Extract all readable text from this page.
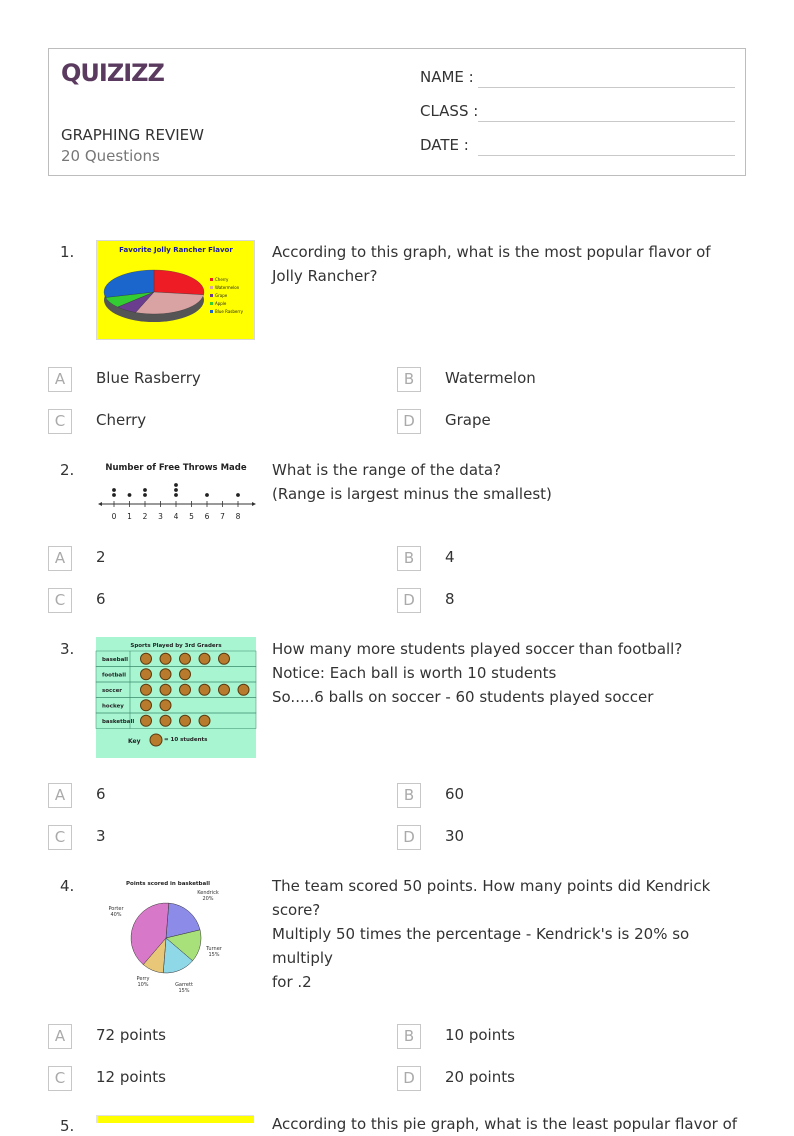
QUIZIZZ
GRAPHING REVIEW
20 Questions
NAME :
CLASS :
DATE :
1.	Favorite Jolly Rancher Flavor
Cherry
Watermelon
Grape
Apple
Blue Rasberry
According to this graph, what is the most popular flavor of Jolly Rancher?
A	Blue Rasberry	B	Watermelon
C	Cherry	D	Grape
2.	Number of Free Throws Made
0 1 2 3 4 5 6 7 8
What is the range of the data?
(Range is largest minus the smallest)
A	2	B	4
C	6	D	8
3.	Sports Played by 3rd Graders
baseball
football
soccer
hockey
basketball
Key	= 10 students
How many more students played soccer than football?
Notice: Each ball is worth 10 students
So.....6 balls on soccer - 60 students played soccer
A	6	B	60
C	3	D	30
4.	Points scored in basketball
Kendrick
20%
Turner
15%
Garrett
15%
Perry
10%
Porter
40%
The team scored 50 points. How many points did Kendrick
score?
Multiply 50 times the percentage - Kendrick's is 20% so multiply
for .2
A	72 points	B	10 points
C	12 points	D	20 points
5.	According to this pie graph, what is the least popular flavor of
